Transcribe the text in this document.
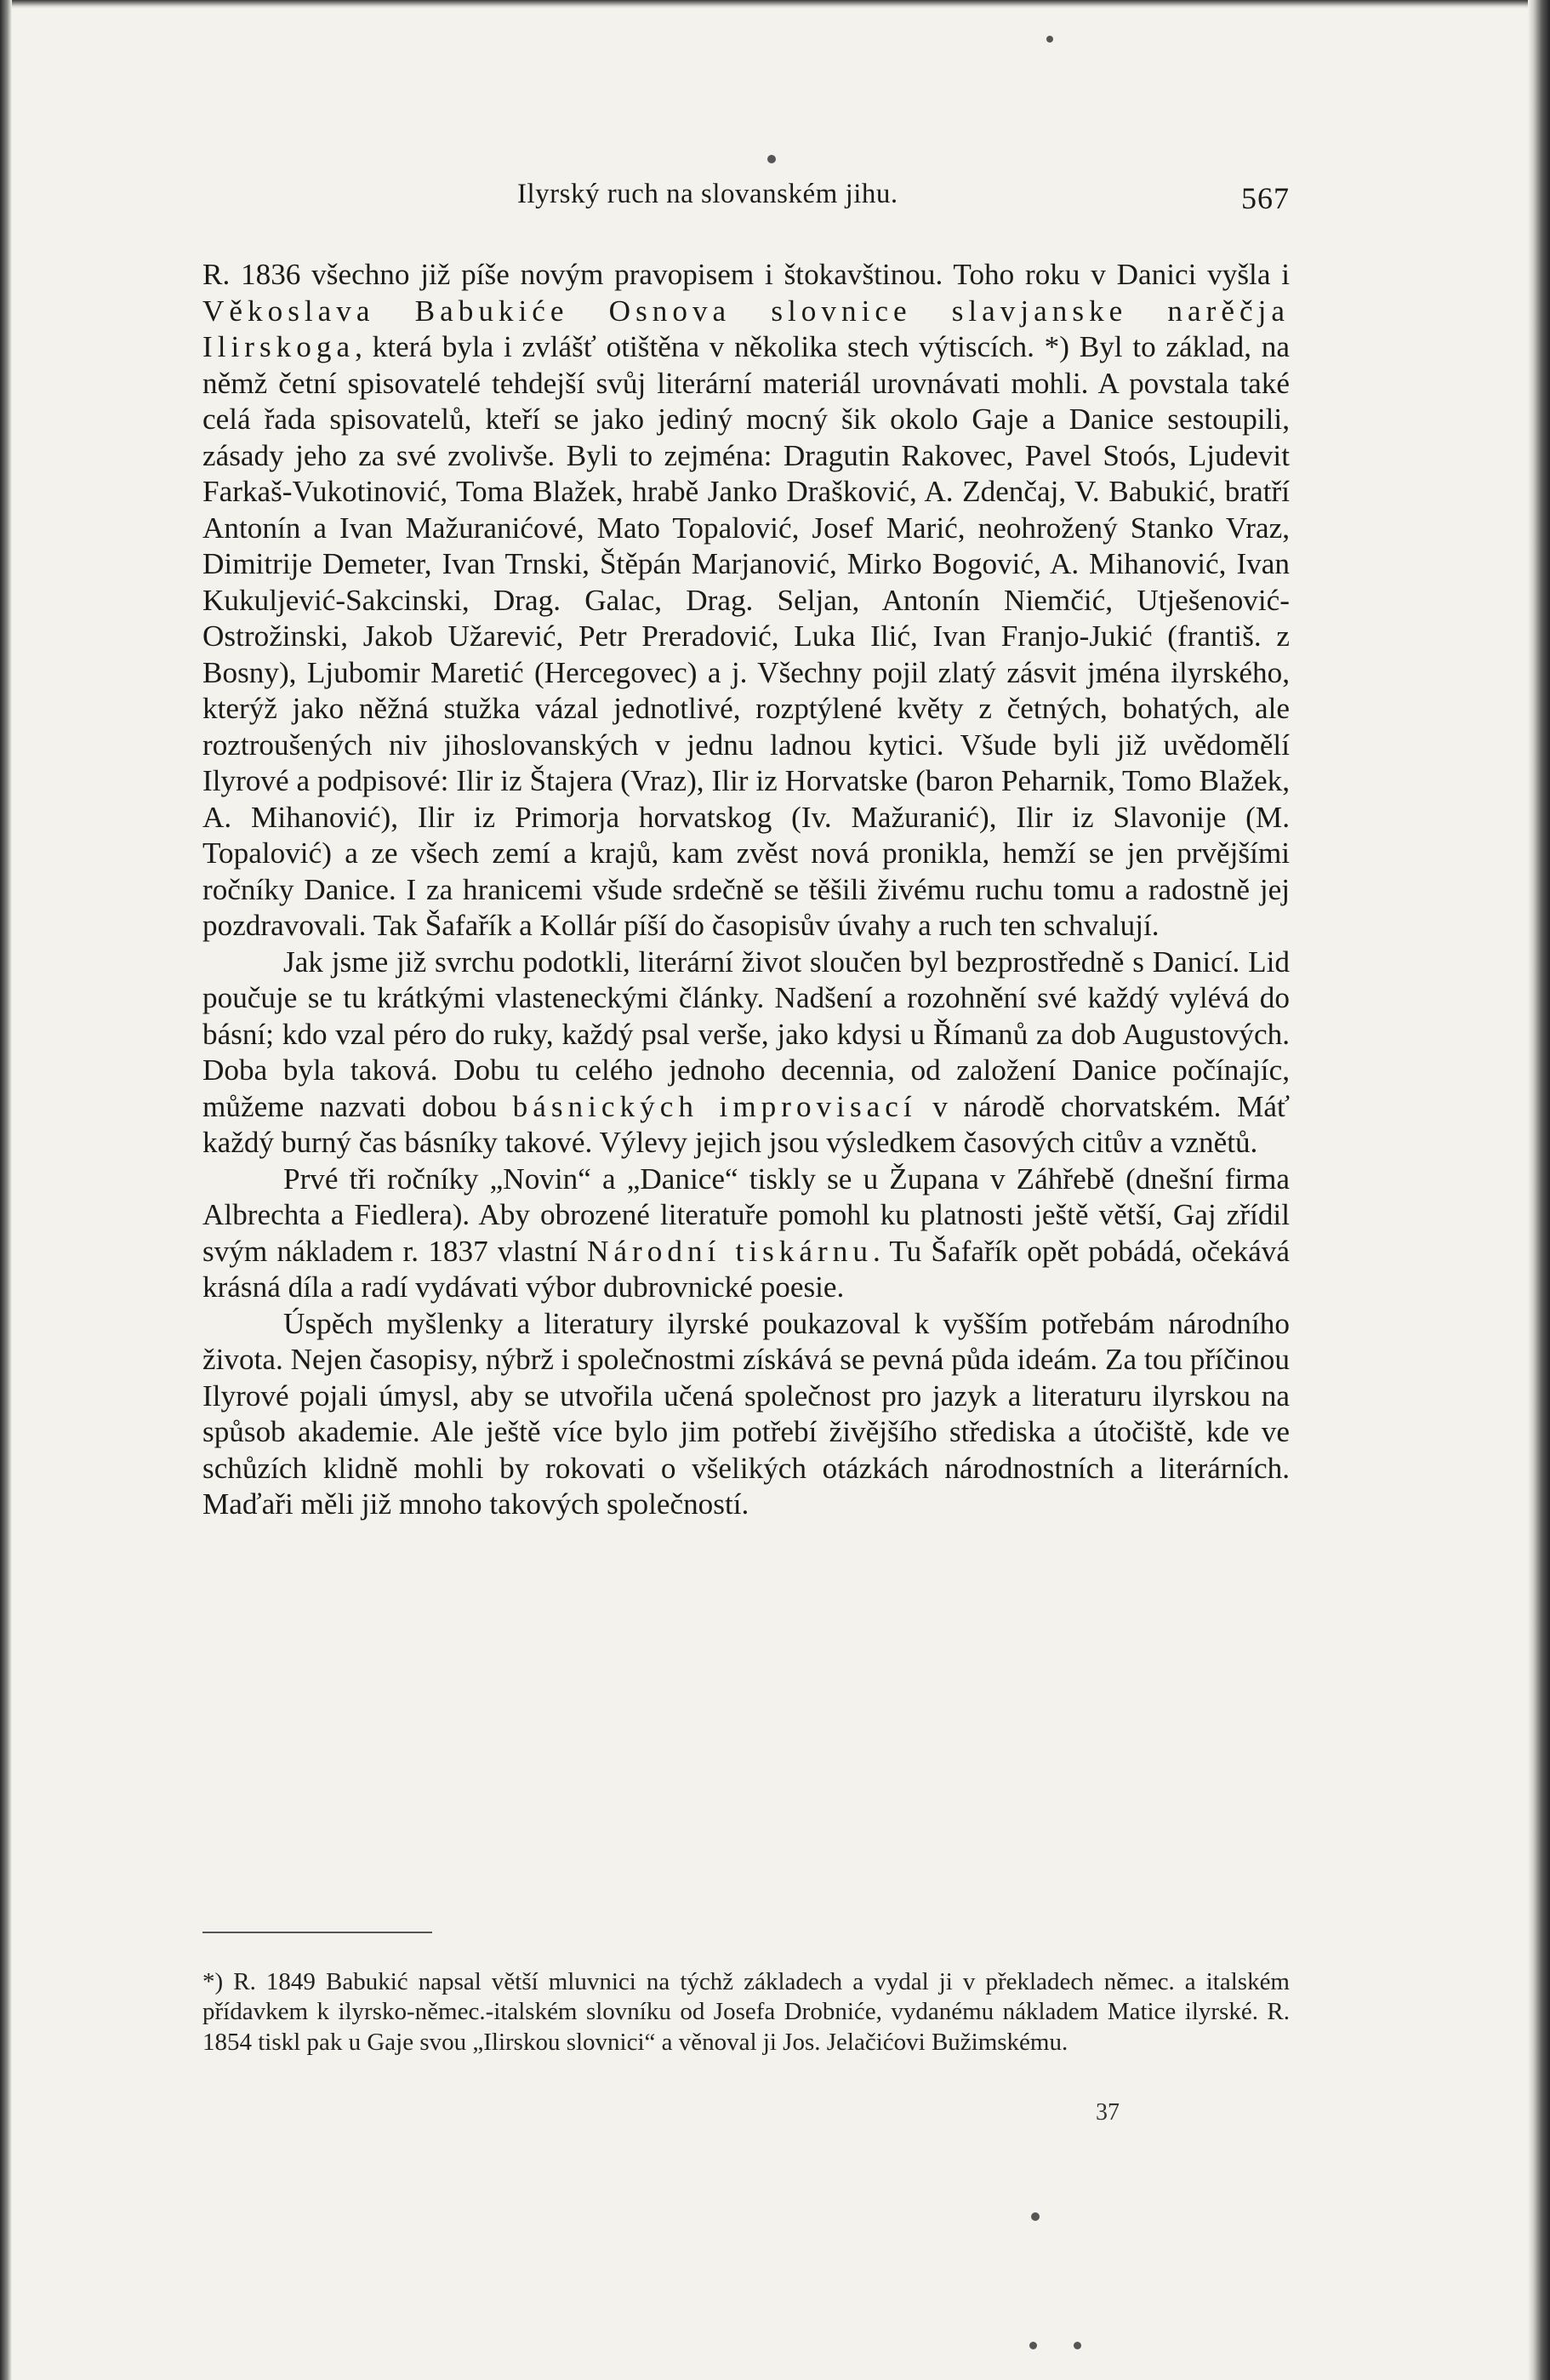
Ilyrský ruch na slovanském jihu.	567

R. 1836 všechno již píše novým pravopisem i štokavštinou. Toho roku v Danici vyšla i Věkoslava Babukiće Osnova slovnice slavjanske narěčja Ilirskoga, která byla i zvlášť otištěna v několika stech výtiscích. *) Byl to základ, na němž četní spisovatelé tehdejší svůj literární materiál urovnávati mohli. A povstala také celá řada spisovatelů, kteří se jako jediný mocný šik okolo Gaje a Danice sestoupili, zásady jeho za své zvolivše. Byli to zejména: Dragutin Rakovec, Pavel Stoós, Ljudevit Farkaš-Vukotinović, Toma Blažek, hrabě Janko Drašković, A. Zdenčaj, V. Babukić, bratří Antonín a Ivan Mažuranićové, Mato Topalović, Josef Marić, neohrožený Stanko Vraz, Dimitrije Demeter, Ivan Trnski, Štěpán Marjanović, Mirko Bogović, A. Mihanović, Ivan Kukuljević-Sakcinski, Drag. Galac, Drag. Seljan, Antonín Niemčić, Utješenović-Ostrožinski, Jakob Užarević, Petr Preradović, Luka Ilić, Ivan Franjo-Jukić (františ. z Bosny), Ljubomir Maretić (Hercegovec) a j. Všechny pojil zlatý zásvit jména ilyrského, kterýž jako něžná stužka vázal jednotlivé, rozptýlené květy z četných, bohatých, ale roztroušených niv jihoslovanských v jednu ladnou kytici. Všude byli již uvědomělí Ilyrové a podpisové: Ilir iz Štajera (Vraz), Ilir iz Horvatske (baron Peharnik, Tomo Blažek, A. Mihanović), Ilir iz Primorja horvatskog (Iv. Mažuranić), Ilir iz Slavonije (M. Topalović) a ze všech zemí a krajů, kam zvěst nová pronikla, hemží se jen prvějšími ročníky Danice. I za hranicemi všude srdečně se těšili živému ruchu tomu a radostně jej pozdravovali. Tak Šafařík a Kollár píší do časopisův úvahy a ruch ten schvalují.

Jak jsme již svrchu podotkli, literární život sloučen byl bezprostředně s Danicí. Lid poučuje se tu krátkými vlasteneckými články. Nadšení a rozohnění své každý vylévá do básní; kdo vzal péro do ruky, každý psal verše, jako kdysi u Římanů za dob Augustových. Doba byla taková. Dobu tu celého jednoho decennia, od založení Danice počínajíc, můžeme nazvati dobou básnických improvisací v národě chorvatském. Máť každý burný čas básníky takové. Výlevy jejich jsou výsledkem časových citův a vznětů.

Prvé tři ročníky „Novin“ a „Danice“ tiskly se u Župana v Záhřebě (dnešní firma Albrechta a Fiedlera). Aby obrozené literatuře pomohl ku platnosti ještě větší, Gaj zřídil svým nákladem r. 1837 vlastní Národní tiskárnu. Tu Šafařík opět pobádá, očekává krásná díla a radí vydávati výbor dubrovnické poesie.

Úspěch myšlenky a literatury ilyrské poukazoval k vyšším potřebám národního života. Nejen časopisy, nýbrž i společnostmi získává se pevná půda ideám. Za tou příčinou Ilyrové pojali úmysl, aby se utvořila učená společnost pro jazyk a literaturu ilyrskou na spůsob akademie. Ale ještě více bylo jim potřebí živějšího střediska a útočiště, kde ve schůzích klidně mohli by rokovati o všelikých otázkách národnostních a literárních. Maďaři měli již mnoho takových společností.

*) R. 1849 Babukić napsal větší mluvnici na týchž základech a vydal ji v překladech němec. a italském přídavkem k ilyrsko-němec.-italském slovníku od Josefa Drobniće, vydanému nákladem Matice ilyrské. R. 1854 tiskl pak u Gaje svou „Ilirskou slovnici“ a věnoval ji Jos. Jelačićovi Bužimskému.

37
